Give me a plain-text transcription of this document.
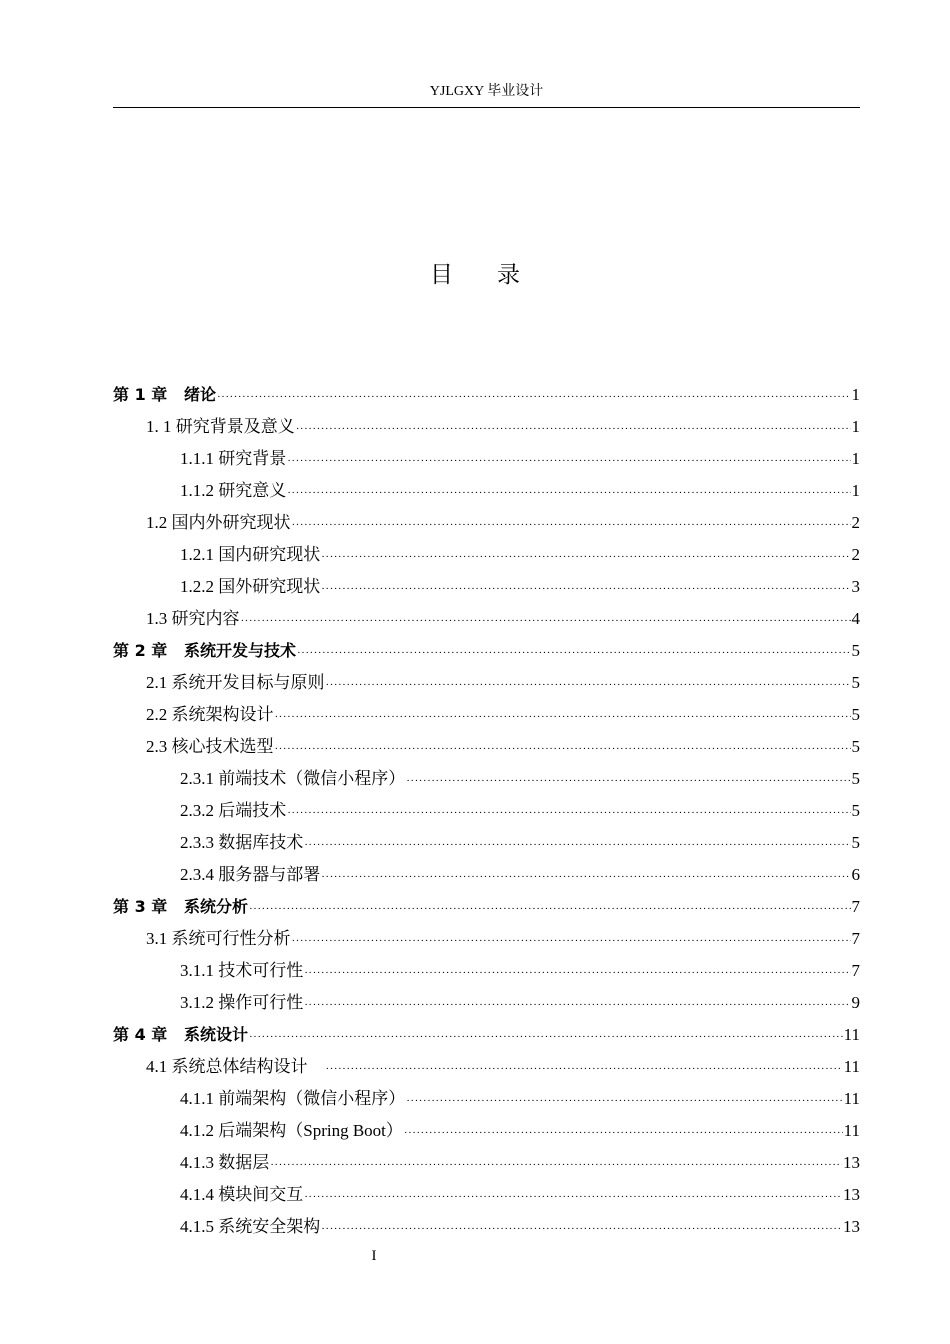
YJLGXY 毕业设计
目录
第 1 章   绪论 ·····	1
1. 1 研究背景及意义 ·····	1
1.1.1 研究背景 ·····	1
1.1.2 研究意义 ·····	1
1.2 国内外研究现状 ·····	2
1.2.1 国内研究现状 ·····	2
1.2.2 国外研究现状 ·····	3
1.3 研究内容 ·····	4
第 2 章   系统开发与技术 ·····	5
2.1 系统开发目标与原则 ·····	5
2.2 系统架构设计 ·····	5
2.3 核心技术选型 ·····	5
2.3.1 前端技术（微信小程序） ·····	5
2.3.2 后端技术 ·····	5
2.3.3 数据库技术 ·····	5
2.3.4 服务器与部署 ·····	6
第 3 章   系统分析 ·····	7
3.1 系统可行性分析 ·····	7
3.1.1 技术可行性 ·····	7
3.1.2 操作可行性 ·····	9
第 4 章   系统设计 ·····	11
4.1 系统总体结构设计 ·····	11
4.1.1 前端架构（微信小程序） ·····	11
4.1.2 后端架构（Spring Boot） ·····	11
4.1.3 数据层 ·····	13
4.1.4 模块间交互 ·····	13
4.1.5 系统安全架构 ·····	13
I
